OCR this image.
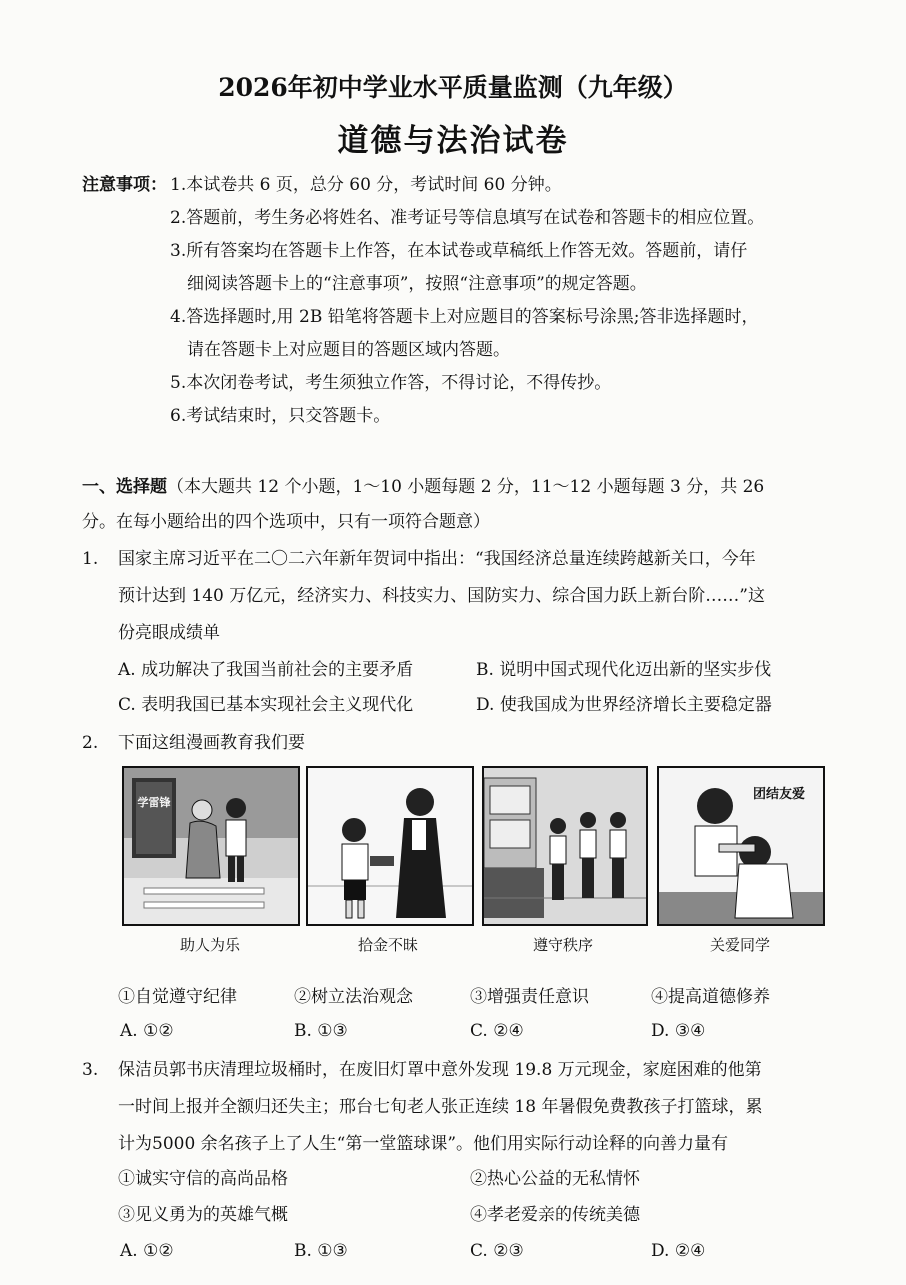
2026年初中学业水平质量监测（九年级）
道德与法治试卷
注意事项： 1.本试卷共 6 页，总分 60 分，考试时间 60 分钟。
2.答题前，考生务必将姓名、准考证号等信息填写在试卷和答题卡的相应位置。
3.所有答案均在答题卡上作答，在本试卷或草稿纸上作答无效。答题前，请仔
细阅读答题卡上的“注意事项”，按照“注意事项”的规定答题。
4.答选择题时,用 2B 铅笔将答题卡上对应题目的答案标号涂黑;答非选择题时，
请在答题卡上对应题目的答题区域内答题。
5.本次闭卷考试，考生须独立作答，不得讨论，不得传抄。
6.考试结束时，只交答题卡。
一、选择题（本大题共 12 个小题，1～10 小题每题 2 分，11～12 小题每题 3 分，共 26
分。在每小题给出的四个选项中，只有一项符合题意）
1. 国家主席习近平在二〇二六年新年贺词中指出：“我国经济总量连续跨越新关口，今年
预计达到 140 万亿元，经济实力、科技实力、国防实力、综合国力跃上新台阶……”这
份亮眼成绩单
A. 成功解决了我国当前社会的主要矛盾	B. 说明中国式现代化迈出新的坚实步伐
C. 表明我国已基本实现社会主义现代化	D. 使我国成为世界经济增长主要稳定器
2. 下面这组漫画教育我们要
学雷锋
助人为乐	拾金不昧	遵守秩序
团结友爱
关爱同学
①自觉遵守纪律	②树立法治观念	③增强责任意识	④提高道德修养
A. ①②	B. ①③	C. ②④	D. ③④
3. 保洁员郭书庆清理垃圾桶时，在废旧灯罩中意外发现 19.8 万元现金，家庭困难的他第
一时间上报并全额归还失主；邢台七旬老人张正连续 18 年暑假免费教孩子打篮球，累
计为5000 余名孩子上了人生“第一堂篮球课”。他们用实际行动诠释的向善力量有
①诚实守信的高尚品格	②热心公益的无私情怀
③见义勇为的英雄气概	④孝老爱亲的传统美德
A. ①②	B. ①③	C. ②③	D. ②④
